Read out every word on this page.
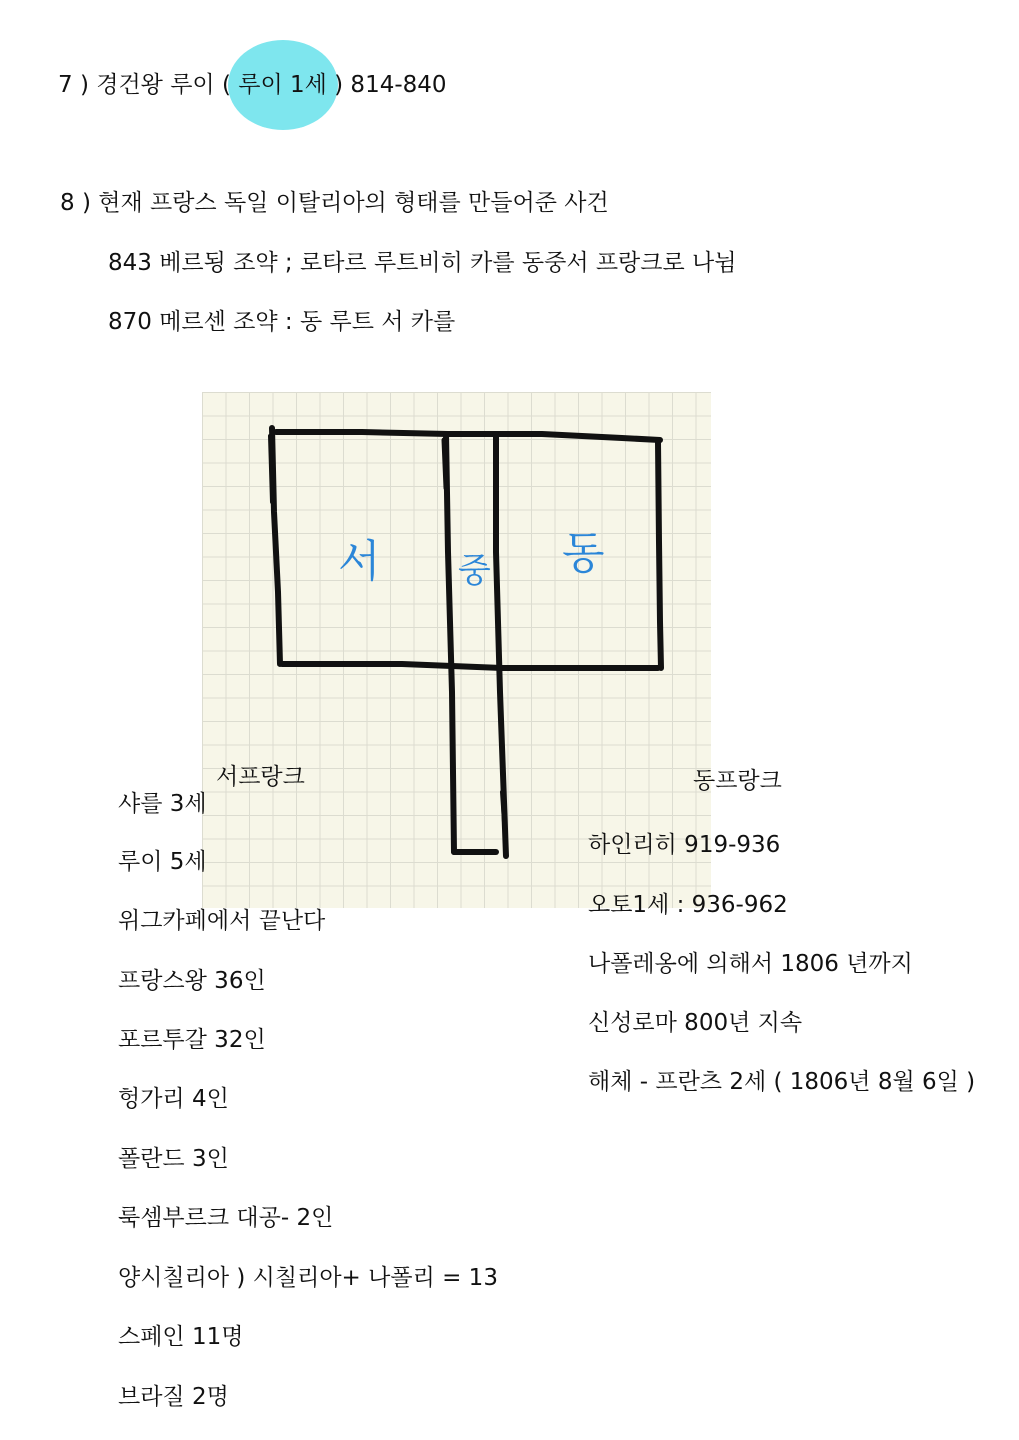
7 ) 경건왕 루이 ( 루이 1세 ) 814-840
8 ) 현재 프랑스 독일 이탈리아의 형태를 만들어준 사건
843 베르됭 조약 ; 로타르 루트비히 카를 동중서 프랑크로 나뉨
870 메르센 조약 : 동 루트 서 카를
서 중 동
서프랑크
샤를 3세
루이 5세
위그카페에서 끝난다
프랑스왕 36인
포르투갈 32인
헝가리 4인
폴란드 3인
룩셈부르크 대공- 2인
양시칠리아 ) 시칠리아+ 나폴리 = 13
스페인 11명
브라질 2명
동프랑크
하인리히 919-936
오토1세 : 936-962
나폴레옹에 의해서 1806 년까지
신성로마 800년 지속
해체 - 프란츠 2세 ( 1806년 8월 6일 )
